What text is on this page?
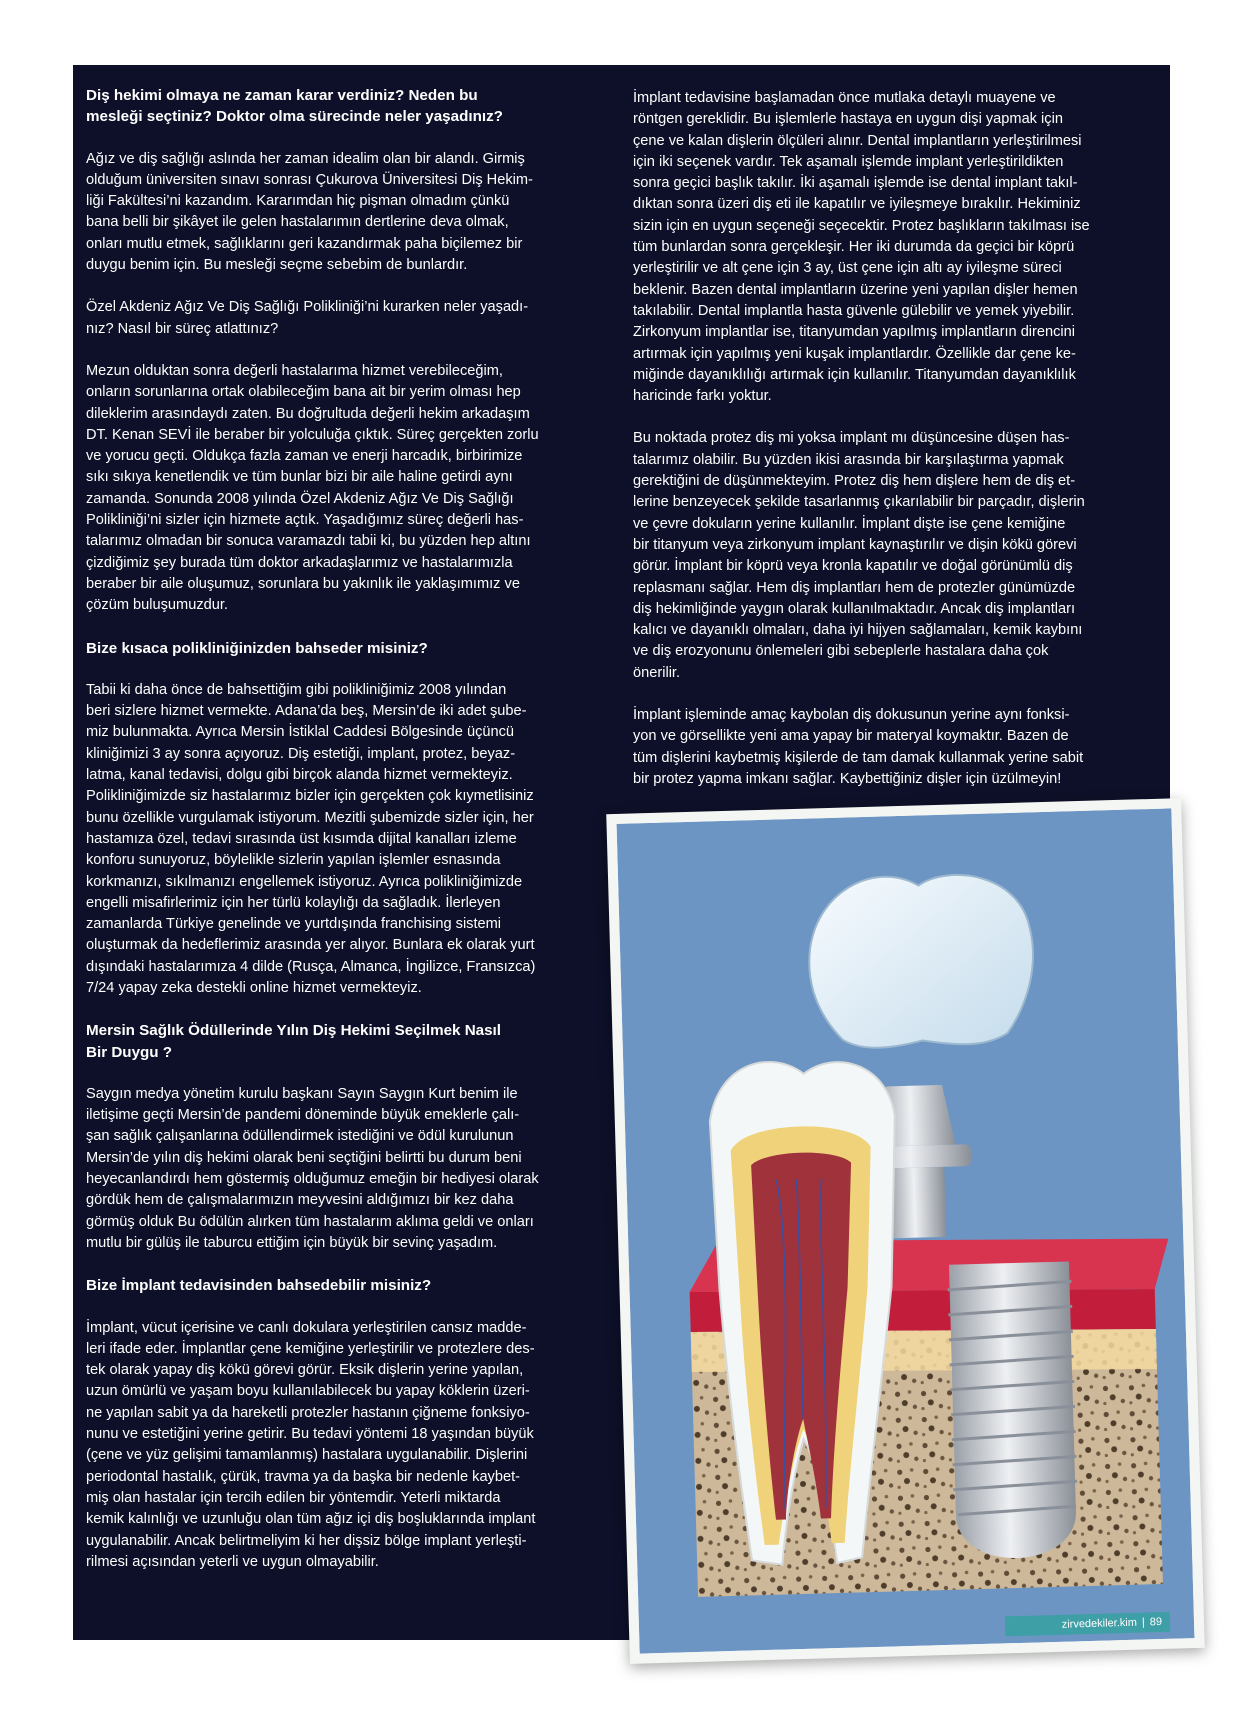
Diş hekimi olmaya ne zaman karar verdiniz? Neden bu
mesleği seçtiniz? Doktor olma sürecinde neler yaşadınız?

Ağız ve diş sağlığı aslında her zaman idealim olan bir alandı. Girmiş
olduğum üniversiten sınavı sonrası Çukurova Üniversitesi Diş Hekim-
liği Fakültesi’ni kazandım. Kararımdan hiç pişman olmadım çünkü
bana belli bir şikâyet ile gelen hastalarımın dertlerine deva olmak,
onları mutlu etmek, sağlıklarını geri kazandırmak paha biçilemez bir
duygu benim için. Bu mesleği seçme sebebim de bunlardır.

Özel Akdeniz Ağız Ve Diş Sağlığı Polikliniği’ni kurarken neler yaşadı-
nız? Nasıl bir süreç atlattınız?

Mezun olduktan sonra değerli hastalarıma hizmet verebileceğim,
onların sorunlarına ortak olabileceğim bana ait bir yerim olması hep
dileklerim arasındaydı zaten. Bu doğrultuda değerli hekim arkadaşım
DT. Kenan SEVİ ile beraber bir yolculuğa çıktık. Süreç gerçekten zorlu
ve yorucu geçti. Oldukça fazla zaman ve enerji harcadık, birbirimize
sıkı sıkıya kenetlendik ve tüm bunlar bizi bir aile haline getirdi aynı
zamanda. Sonunda 2008 yılında Özel Akdeniz Ağız Ve Diş Sağlığı
Polikliniği’ni sizler için hizmete açtık. Yaşadığımız süreç değerli has-
talarımız olmadan bir sonuca varamazdı tabii ki, bu yüzden hep altını
çizdiğimiz şey burada tüm doktor arkadaşlarımız ve hastalarımızla
beraber bir aile oluşumuz, sorunlara bu yakınlık ile yaklaşımımız ve
çözüm buluşumuzdur.

Bize kısaca polikliniğinizden bahseder misiniz?

Tabii ki daha önce de bahsettiğim gibi polikliniğimiz 2008 yılından
beri sizlere hizmet vermekte. Adana’da beş, Mersin’de iki adet şube-
miz bulunmakta. Ayrıca Mersin İstiklal Caddesi Bölgesinde üçüncü
kliniğimizi 3 ay sonra açıyoruz. Diş estetiği, implant, protez, beyaz-
latma, kanal tedavisi, dolgu gibi birçok alanda hizmet vermekteyiz.
Polikliniğimizde siz hastalarımız bizler için gerçekten çok kıymetlisiniz
bunu özellikle vurgulamak istiyorum. Mezitli şubemizde sizler için, her
hastamıza özel, tedavi sırasında üst kısımda dijital kanalları izleme
konforu sunuyoruz, böylelikle sizlerin yapılan işlemler esnasında
korkmanızı, sıkılmanızı engellemek istiyoruz. Ayrıca polikliniğimizde
engelli misafirlerimiz için her türlü kolaylığı da sağladık. İlerleyen
zamanlarda Türkiye genelinde ve yurtdışında franchising sistemi
oluşturmak da hedeflerimiz arasında yer alıyor. Bunlara ek olarak yurt
dışındaki hastalarımıza 4 dilde (Rusça, Almanca, İngilizce, Fransızca)
7/24 yapay zeka destekli online hizmet vermekteyiz.

Mersin Sağlık Ödüllerinde Yılın Diş Hekimi Seçilmek Nasıl
Bir Duygu ?

Saygın medya yönetim kurulu başkanı Sayın Saygın Kurt benim ile
iletişime geçti Mersin’de pandemi döneminde büyük emeklerle çalı-
şan sağlık çalışanlarına ödüllendirmek istediğini ve ödül kurulunun
Mersin’de yılın diş hekimi olarak beni seçtiğini belirtti bu durum beni
heyecanlandırdı hem göstermiş olduğumuz emeğin bir hediyesi olarak
gördük hem de çalışmalarımızın meyvesini aldığımızı bir kez daha
görmüş olduk Bu ödülün alırken tüm hastalarım aklıma geldi ve onları
mutlu bir gülüş ile taburcu ettiğim için büyük bir sevinç yaşadım.

Bize İmplant tedavisinden bahsedebilir misiniz?

İmplant, vücut içerisine ve canlı dokulara yerleştirilen cansız madde-
leri ifade eder. İmplantlar çene kemiğine yerleştirilir ve protezlere des-
tek olarak yapay diş kökü görevi görür. Eksik dişlerin yerine yapılan,
uzun ömürlü ve yaşam boyu kullanılabilecek bu yapay köklerin üzeri-
ne yapılan sabit ya da hareketli protezler hastanın çiğneme fonksiyo-
nunu ve estetiğini yerine getirir. Bu tedavi yöntemi 18 yaşından büyük
(çene ve yüz gelişimi tamamlanmış) hastalara uygulanabilir. Dişlerini
periodontal hastalık, çürük, travma ya da başka bir nedenle kaybet-
miş olan hastalar için tercih edilen bir yöntemdir. Yeterli miktarda
kemik kalınlığı ve uzunluğu olan tüm ağız içi diş boşluklarında implant
uygulanabilir. Ancak belirtmeliyim ki her dişsiz bölge implant yerleşti-
rilmesi açısından yeterli ve uygun olmayabilir.

İmplant tedavisine başlamadan önce mutlaka detaylı muayene ve
röntgen gereklidir. Bu işlemlerle hastaya en uygun dişi yapmak için
çene ve kalan dişlerin ölçüleri alınır. Dental implantların yerleştirilmesi
için iki seçenek vardır. Tek aşamalı işlemde implant yerleştirildikten
sonra geçici başlık takılır. İki aşamalı işlemde ise dental implant takıl-
dıktan sonra üzeri diş eti ile kapatılır ve iyileşmeye bırakılır. Hekiminiz
sizin için en uygun seçeneği seçecektir. Protez başlıkların takılması ise
tüm bunlardan sonra gerçekleşir. Her iki durumda da geçici bir köprü
yerleştirilir ve alt çene için 3 ay, üst çene için altı ay iyileşme süreci
beklenir. Bazen dental implantların üzerine yeni yapılan dişler hemen
takılabilir. Dental implantla hasta güvenle gülebilir ve yemek yiyebilir.
Zirkonyum implantlar ise, titanyumdan yapılmış implantların direncini
artırmak için yapılmış yeni kuşak implantlardır. Özellikle dar çene ke-
miğinde dayanıklılığı artırmak için kullanılır. Titanyumdan dayanıklılık
haricinde farkı yoktur.

Bu noktada protez diş mi yoksa implant mı düşüncesine düşen has-
talarımız olabilir. Bu yüzden ikisi arasında bir karşılaştırma yapmak
gerektiğini de düşünmekteyim. Protez diş hem dişlere hem de diş et-
lerine benzeyecek şekilde tasarlanmış çıkarılabilir bir parçadır, dişlerin
ve çevre dokuların yerine kullanılır. İmplant dişte ise çene kemiğine
bir titanyum veya zirkonyum implant kaynaştırılır ve dişin kökü görevi
görür. İmplant bir köprü veya kronla kapatılır ve doğal görünümlü diş
replasmanı sağlar. Hem diş implantları hem de protezler günümüzde
diş hekimliğinde yaygın olarak kullanılmaktadır. Ancak diş implantları
kalıcı ve dayanıklı olmaları, daha iyi hijyen sağlamaları, kemik kaybını
ve diş erozyonunu önlemeleri gibi sebeplerle hastalara daha çok
önerilir.

İmplant işleminde amaç kaybolan diş dokusunun yerine aynı fonksi-
yon ve görsellikte yeni ama yapay bir materyal koymaktır. Bazen de
tüm dişlerini kaybetmiş kişilerde de tam damak kullanmak yerine sabit
bir protez yapma imkanı sağlar. Kaybettiğiniz dişler için üzülmeyin!

zirvedekiler.kim | 89
